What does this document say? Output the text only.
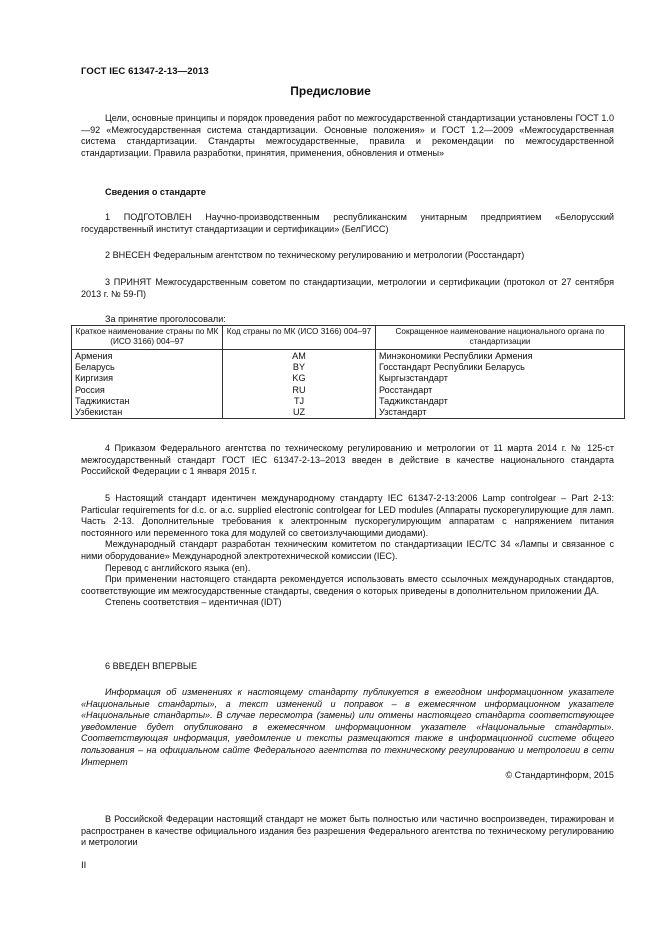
ГОСТ IEC 61347-2-13—2013
Предисловие

Цели, основные принципы и порядок проведения работ по межгосударственной стандартизации установлены ГОСТ 1.0—92 «Межгосударственная система стандартизации. Основные положения» и ГОСТ 1.2—2009 «Межгосударственная система стандартизации. Стандарты межгосударственные, правила и рекомендации по межгосударственной стандартизации. Правила разработки, принятия, применения, обновления и отмены»

Сведения о стандарте

1 ПОДГОТОВЛЕН Научно-производственным республиканским унитарным предприятием «Белорусский государственный институт стандартизации и сертификации» (БелГИСС)

2 ВНЕСЕН Федеральным агентством по техническому регулированию и метрологии (Росстандарт)

3 ПРИНЯТ Межгосударственным советом по стандартизации, метрологии и сертификации (протокол от 27 сентября 2013 г. № 59-П)

За принятие проголосовали:

Краткое наименование страны по МК (ИСО 3166) 004–97	Код страны по МК (ИСО 3166) 004–97	Сокращенное наименование национального органа по стандартизации
Армения	AM	Минэкономики Республики Армения
Беларусь	BY	Госстандарт Республики Беларусь
Киргизия	KG	Кыргызстандарт
Россия	RU	Росстандарт
Таджикистан	TJ	Таджикстандарт
Узбекистан	UZ	Узстандарт

4 Приказом Федерального агентства по техническому регулированию и метрологии от 11 марта 2014 г. № 125-ст межгосударственный стандарт ГОСТ IEC 61347-2-13–2013 введен в действие в качестве национального стандарта Российской Федерации с 1 января 2015 г.

5 Настоящий стандарт идентичен международному стандарту IEC 61347-2-13:2006 Lamp controlgear – Part 2-13: Particular requirements for d.c. or a.c. supplied electronic controlgear for LED modules (Аппараты пускорегулирующие для ламп. Часть 2-13. Дополнительные требования к электронным пускорегулирующим аппаратам с напряжением питания постоянного или переменного тока для модулей со светоизлучающими диодами).

Международный стандарт разработан техническим комитетом по стандартизации IEC/TC 34 «Лампы и связанное с ними оборудование» Международной электротехнической комиссии (IEC).

Перевод с английского языка (en).

При применении настоящего стандарта рекомендуется использовать вместо ссылочных международных стандартов, соответствующие им межгосударственные стандарты, сведения о которых приведены в дополнительном приложении ДА.

Степень соответствия – идентичная (IDT)

6 ВВЕДЕН ВПЕРВЫЕ

Информация об изменениях к настоящему стандарту публикуется в ежегодном информационном указателе «Национальные стандарты», а текст изменений и поправок – в ежемесячном информационном указателе «Национальные стандарты». В случае пересмотра (замены) или отмены настоящего стандарта соответствующее уведомление будет опубликовано в ежемесячном информационном указателе «Национальные стандарты». Соответствующая информация, уведомление и тексты размещаются также в информационной системе общего пользования – на официальном сайте Федерального агентства по техническому регулированию и метрологии в сети Интернет

© Стандартинформ, 2015

В Российской Федерации настоящий стандарт не может быть полностью или частично воспроизведен, тиражирован и распространен в качестве официального издания без разрешения Федерального агентства по техническому регулированию и метрологии

II
